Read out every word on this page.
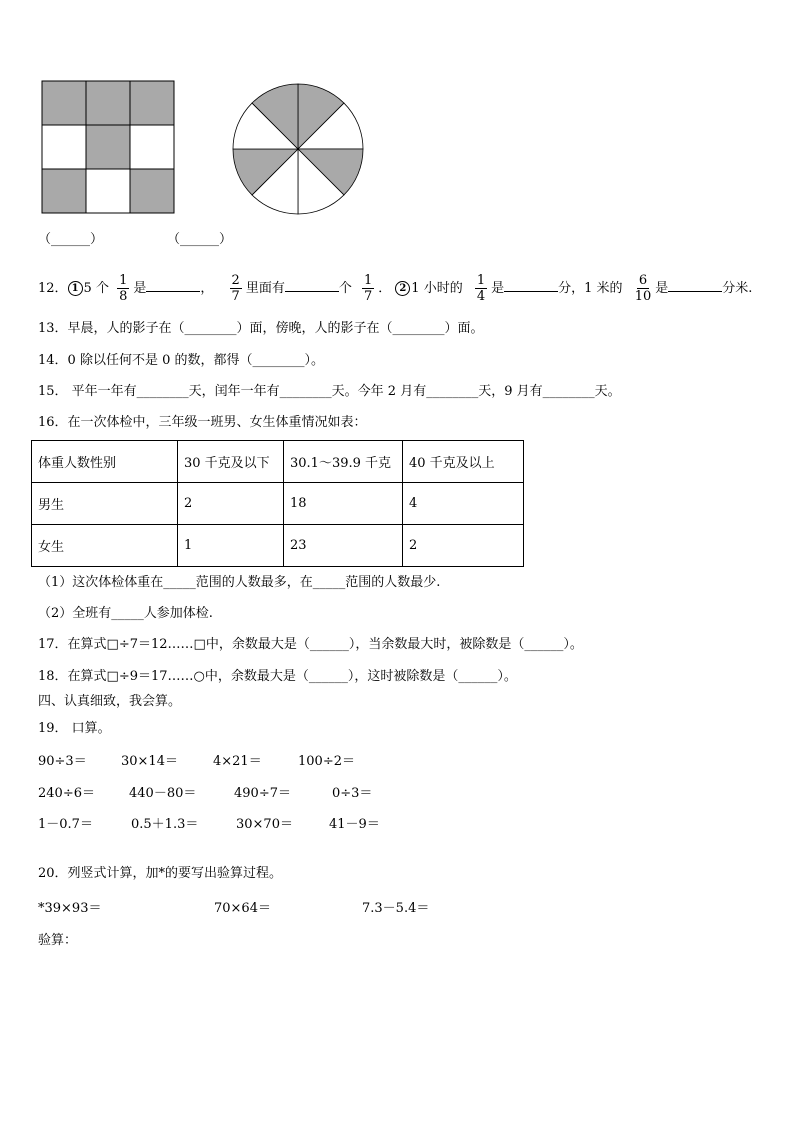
（______）	（______）
12． 1 5 个 $\frac{1}{8}$ 是	， $\frac{2}{7}$ 里面有	个 $\frac{1}{7}$ ． 2 1 小时的 $\frac{1}{4}$ 是	分，1 米的 $\frac{6}{10}$ 是	分米.
13．早晨，人的影子在（________）面，傍晚，人的影子在（________）面。
14．0 除以任何不是 0 的数，都得（________）。
15． 平年一年有________天，闰年一年有________天。今年 2 月有________天，9 月有________天。
16．在一次体检中，三年级一班男、女生体重情况如表：
体重人数性别	30 千克及以下	30.1～39.9 千克	40 千克及以上
男生	2	18	4
女生	1	23	2
（1）这次体检体重在_____范围的人数最多，在_____范围的人数最少.
（2）全班有_____人参加体检.
17．在算式□÷7＝12……□中，余数最大是（______），当余数最大时，被除数是（______）。
18．在算式□÷9＝17……○中，余数最大是（______），这时被除数是（______）。
四、认真细致，我会算。
19． 口算。
90÷3＝	30×14＝	4×21＝	100÷2＝
240÷6＝	440－80＝	490÷7＝	0÷3＝
1－0.7＝	0.5＋1.3＝	30×70＝	41－9＝
20．列竖式计算，加*的要写出验算过程。
*39×93＝	70×64＝	7.3－5.4＝
验算：
